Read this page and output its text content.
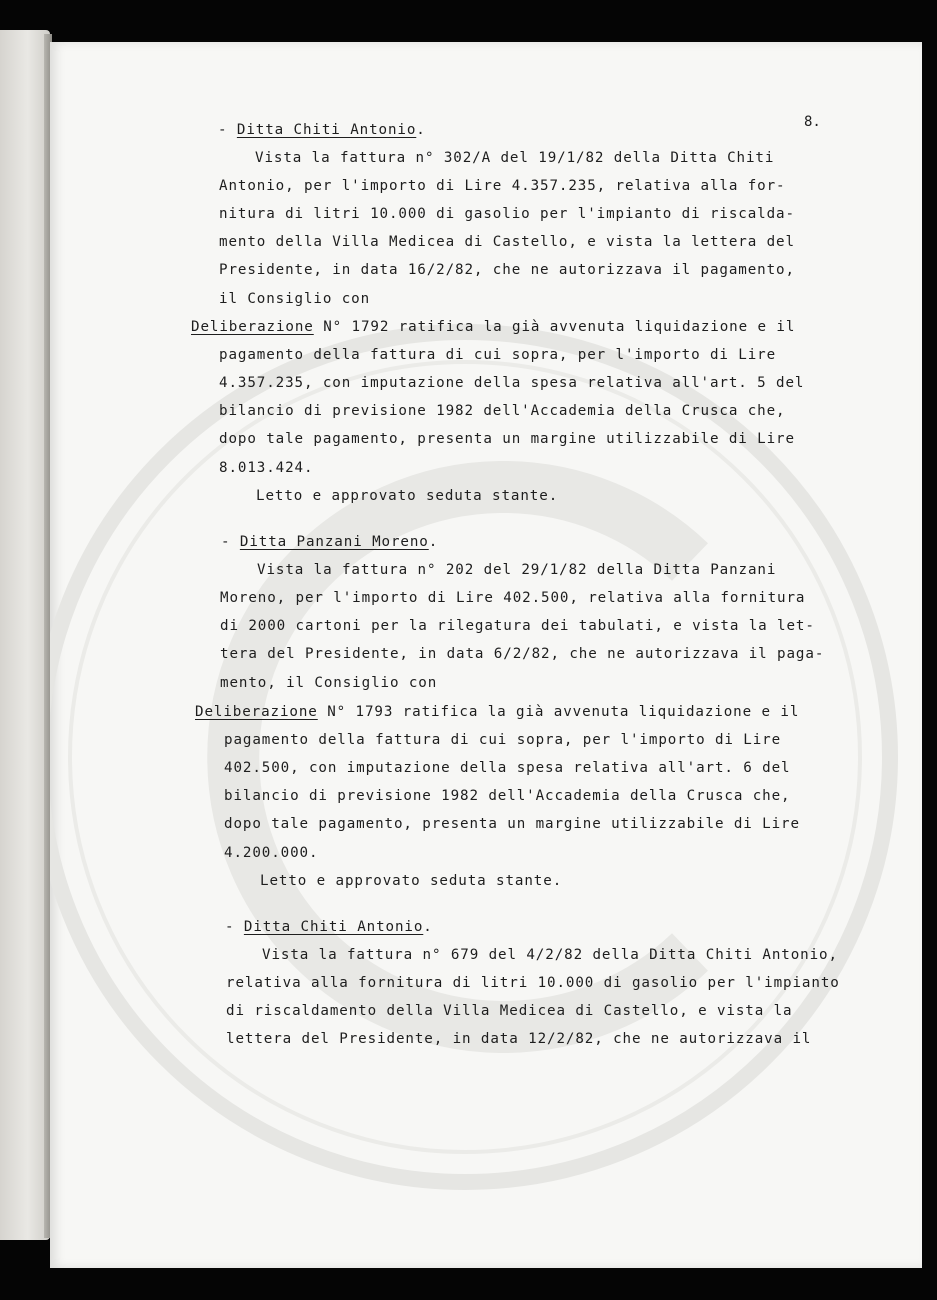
8.
- Ditta Chiti Antonio.
Vista la fattura n° 302/A del 19/1/82 della Ditta Chiti
Antonio, per l'importo di Lire 4.357.235, relativa alla for-
nitura di litri 10.000 di gasolio per l'impianto di riscalda-
mento della Villa Medicea di Castello, e vista la lettera del
Presidente, in data 16/2/82, che ne autorizzava il pagamento,
il Consiglio con
Deliberazione N° 1792 ratifica la già avvenuta liquidazione e il
pagamento della fattura di cui sopra, per l'importo di Lire
4.357.235, con imputazione della spesa relativa all'art. 5 del
bilancio di previsione 1982 dell'Accademia della Crusca che,
dopo tale pagamento, presenta un margine utilizzabile di Lire
8.013.424.
Letto e approvato seduta stante.
- Ditta Panzani Moreno.
Vista la fattura n° 202 del 29/1/82 della Ditta Panzani
Moreno, per l'importo di Lire 402.500, relativa alla fornitura
di 2000 cartoni per la rilegatura dei tabulati, e vista la let-
tera del Presidente, in data 6/2/82, che ne autorizzava il paga-
mento, il Consiglio con
Deliberazione N° 1793 ratifica la già avvenuta liquidazione e il
pagamento della fattura di cui sopra, per l'importo di Lire
402.500, con imputazione della spesa relativa all'art. 6 del
bilancio di previsione 1982 dell'Accademia della Crusca che,
dopo tale pagamento, presenta un margine utilizzabile di Lire
4.200.000.
Letto e approvato seduta stante.
- Ditta Chiti Antonio.
Vista la fattura n° 679 del 4/2/82 della Ditta Chiti Antonio,
relativa alla fornitura di litri 10.000 di gasolio per l'impianto
di riscaldamento della Villa Medicea di Castello, e vista la
lettera del Presidente, in data 12/2/82, che ne autorizzava il
